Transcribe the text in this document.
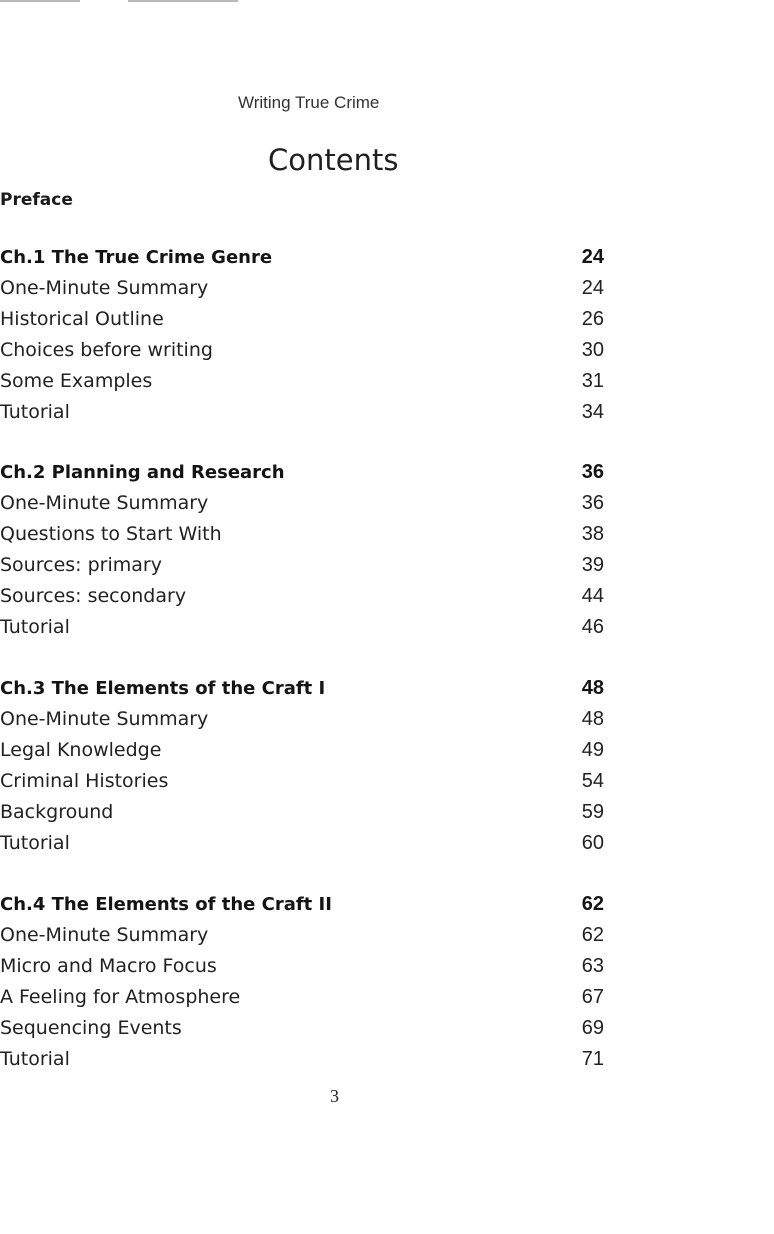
Writing True Crime
Contents
Preface
Ch.1 The True Crime Genre	24
One-Minute Summary	24
Historical Outline	26
Choices before writing	30
Some Examples	31
Tutorial	34
Ch.2 Planning and Research	36
One-Minute Summary	36
Questions to Start With	38
Sources: primary	39
Sources: secondary	44
Tutorial	46
Ch.3 The Elements of the Craft I	48
One-Minute Summary	48
Legal Knowledge	49
Criminal Histories	54
Background	59
Tutorial	60
Ch.4 The Elements of the Craft II	62
One-Minute Summary	62
Micro and Macro Focus	63
A Feeling for Atmosphere	67
Sequencing Events	69
Tutorial	71
3
